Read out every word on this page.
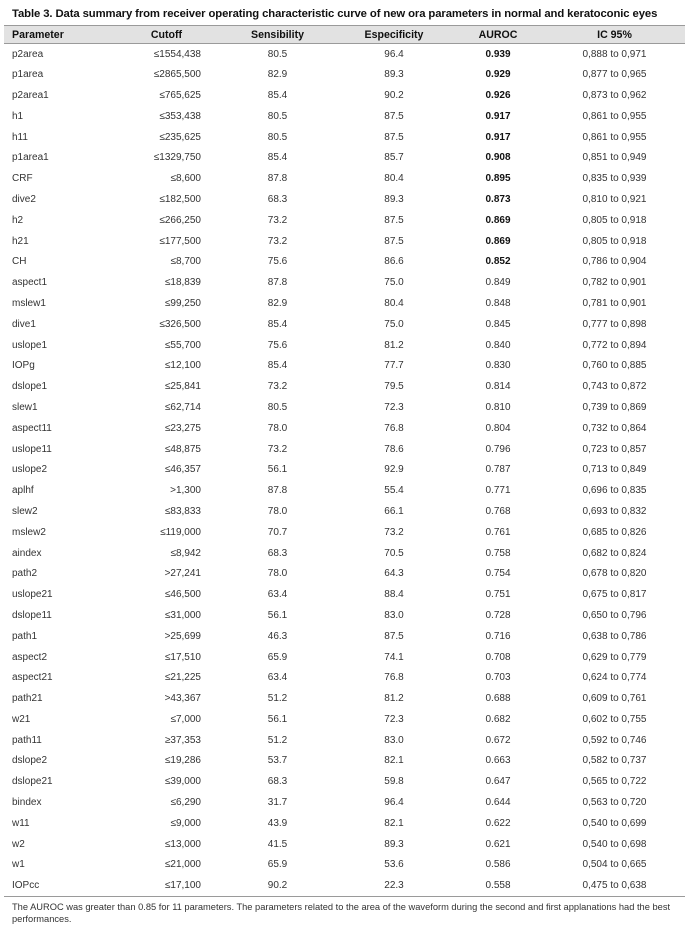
Table 3. Data summary from receiver operating characteristic curve of new ora parameters in normal and keratoconic eyes
Parameter	Cutoff	Sensibility	Especificity	AUROC	IC 95%
p2area	≤1554,438	80.5	96.4	0.939	0,888 to 0,971
p1area	≤2865,500	82.9	89.3	0.929	0,877 to 0,965
p2area1	≤765,625	85.4	90.2	0.926	0,873 to 0,962
h1	≤353,438	80.5	87.5	0.917	0,861 to 0,955
h11	≤235,625	80.5	87.5	0.917	0,861 to 0,955
p1area1	≤1329,750	85.4	85.7	0.908	0,851 to 0,949
CRF	≤8,600	87.8	80.4	0.895	0,835 to 0,939
dive2	≤182,500	68.3	89.3	0.873	0,810 to 0,921
h2	≤266,250	73.2	87.5	0.869	0,805 to 0,918
h21	≤177,500	73.2	87.5	0.869	0,805 to 0,918
CH	≤8,700	75.6	86.6	0.852	0,786 to 0,904
aspect1	≤18,839	87.8	75.0	0.849	0,782 to 0,901
mslew1	≤99,250	82.9	80.4	0.848	0,781 to 0,901
dive1	≤326,500	85.4	75.0	0.845	0,777 to 0,898
uslope1	≤55,700	75.6	81.2	0.840	0,772 to 0,894
IOPg	≤12,100	85.4	77.7	0.830	0,760 to 0,885
dslope1	≤25,841	73.2	79.5	0.814	0,743 to 0,872
slew1	≤62,714	80.5	72.3	0.810	0,739 to 0,869
aspect11	≤23,275	78.0	76.8	0.804	0,732 to 0,864
uslope11	≤48,875	73.2	78.6	0.796	0,723 to 0,857
uslope2	≤46,357	56.1	92.9	0.787	0,713 to 0,849
aplhf	>1,300	87.8	55.4	0.771	0,696 to 0,835
slew2	≤83,833	78.0	66.1	0.768	0,693 to 0,832
mslew2	≤119,000	70.7	73.2	0.761	0,685 to 0,826
aindex	≤8,942	68.3	70.5	0.758	0,682 to 0,824
path2	>27,241	78.0	64.3	0.754	0,678 to 0,820
uslope21	≤46,500	63.4	88.4	0.751	0,675 to 0,817
dslope11	≤31,000	56.1	83.0	0.728	0,650 to 0,796
path1	>25,699	46.3	87.5	0.716	0,638 to 0,786
aspect2	≤17,510	65.9	74.1	0.708	0,629 to 0,779
aspect21	≤21,225	63.4	76.8	0.703	0,624 to 0,774
path21	>43,367	51.2	81.2	0.688	0,609 to 0,761
w21	≤7,000	56.1	72.3	0.682	0,602 to 0,755
path11	≥37,353	51.2	83.0	0.672	0,592 to 0,746
dslope2	≤19,286	53.7	82.1	0.663	0,582 to 0,737
dslope21	≤39,000	68.3	59.8	0.647	0,565 to 0,722
bindex	≤6,290	31.7	96.4	0.644	0,563 to 0,720
w11	≤9,000	43.9	82.1	0.622	0,540 to 0,699
w2	≤13,000	41.5	89.3	0.621	0,540 to 0,698
w1	≤21,000	65.9	53.6	0.586	0,504 to 0,665
IOPcc	≤17,100	90.2	22.3	0.558	0,475 to 0,638
The AUROC was greater than 0.85 for 11 parameters. The parameters related to the area of the waveform during the second and first applanations had the best performances.
